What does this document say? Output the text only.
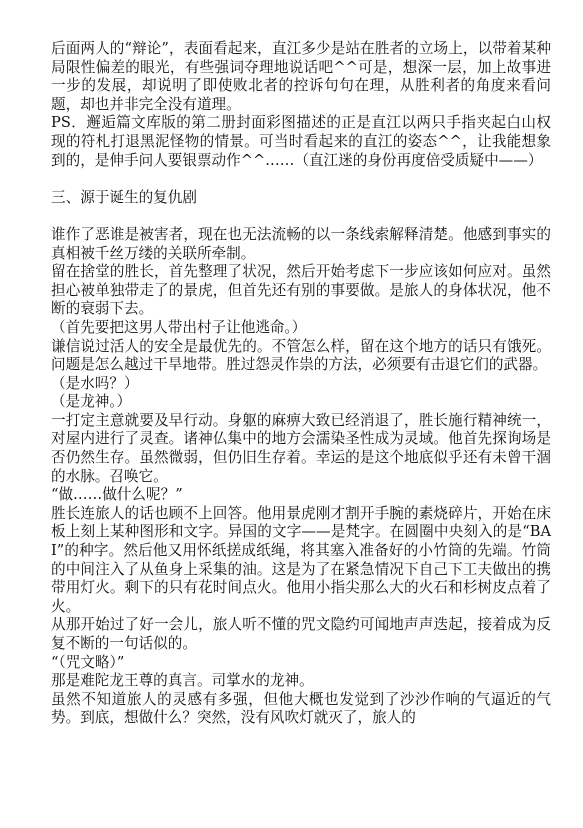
后面两人的“辩论”，表面看起来，直江多少是站在胜者的立场上，以带着某种局限性偏差的眼光，有些强词夺理地说话吧^^可是，想深一层，加上故事进一步的发展，却说明了即使败北者的控诉句句在理，从胜利者的角度来看问题，却也并非完全没有道理。

PS．邂逅篇文库版的第二册封面彩图描述的正是直江以两只手指夹起白山权现的符札打退黑泥怪物的情景。可当时看起来的直江的姿态^^，让我能想象到的，是伸手问人要银票动作^^……（直江迷的身份再度倍受质疑中——）

三、源于诞生的复仇剧

谁作了恶谁是被害者，现在也无法流畅的以一条线索解释清楚。他感到事实的真相被千丝万缕的关联所牵制。

留在捨堂的胜长，首先整理了状况，然后开始考虑下一步应该如何应对。虽然担心被单独带走了的景虎，但首先还有别的事要做。是旅人的身体状况，他不断的衰弱下去。

（首先要把这男人带出村子让他逃命。）

谦信说过活人的安全是最优先的。不管怎么样，留在这个地方的话只有饿死。问题是怎么越过干旱地带。胜过怨灵作祟的方法，必须要有击退它们的武器。

（是水吗？）

（是龙神。）

一打定主意就要及早行动。身躯的麻痹大致已经消退了，胜长施行精神统一，对屋内进行了灵查。诸神仏集中的地方会濡染圣性成为灵域。他首先探询场是否仍然生存。虽然微弱，但仍旧生存着。幸运的是这个地底似乎还有未曾干涸的水脉。召唤它。

“做……做什么呢？”

胜长连旅人的话也顾不上回答。他用景虎刚才割开手腕的素烧碎片，开始在床板上刻上某种图形和文字。异国的文字——是梵字。在圆圈中央刻入的是“BAI”的种字。然后他又用怀纸搓成纸绳，将其塞入准备好的小竹筒的先端。竹筒的中间注入了从鱼身上采集的油。这是为了在紧急情况下自己下工夫做出的携带用灯火。剩下的只有花时间点火。他用小指尖那么大的火石和杉树皮点着了火。

从那开始过了好一会儿，旅人听不懂的咒文隐约可闻地声声迭起，接着成为反复不断的一句话似的。

“（咒文略）”

那是难陀龙王尊的真言。司掌水的龙神。

虽然不知道旅人的灵感有多强，但他大概也发觉到了沙沙作响的气逼近的气势。到底，想做什么？突然，没有风吹灯就灭了，旅人的
